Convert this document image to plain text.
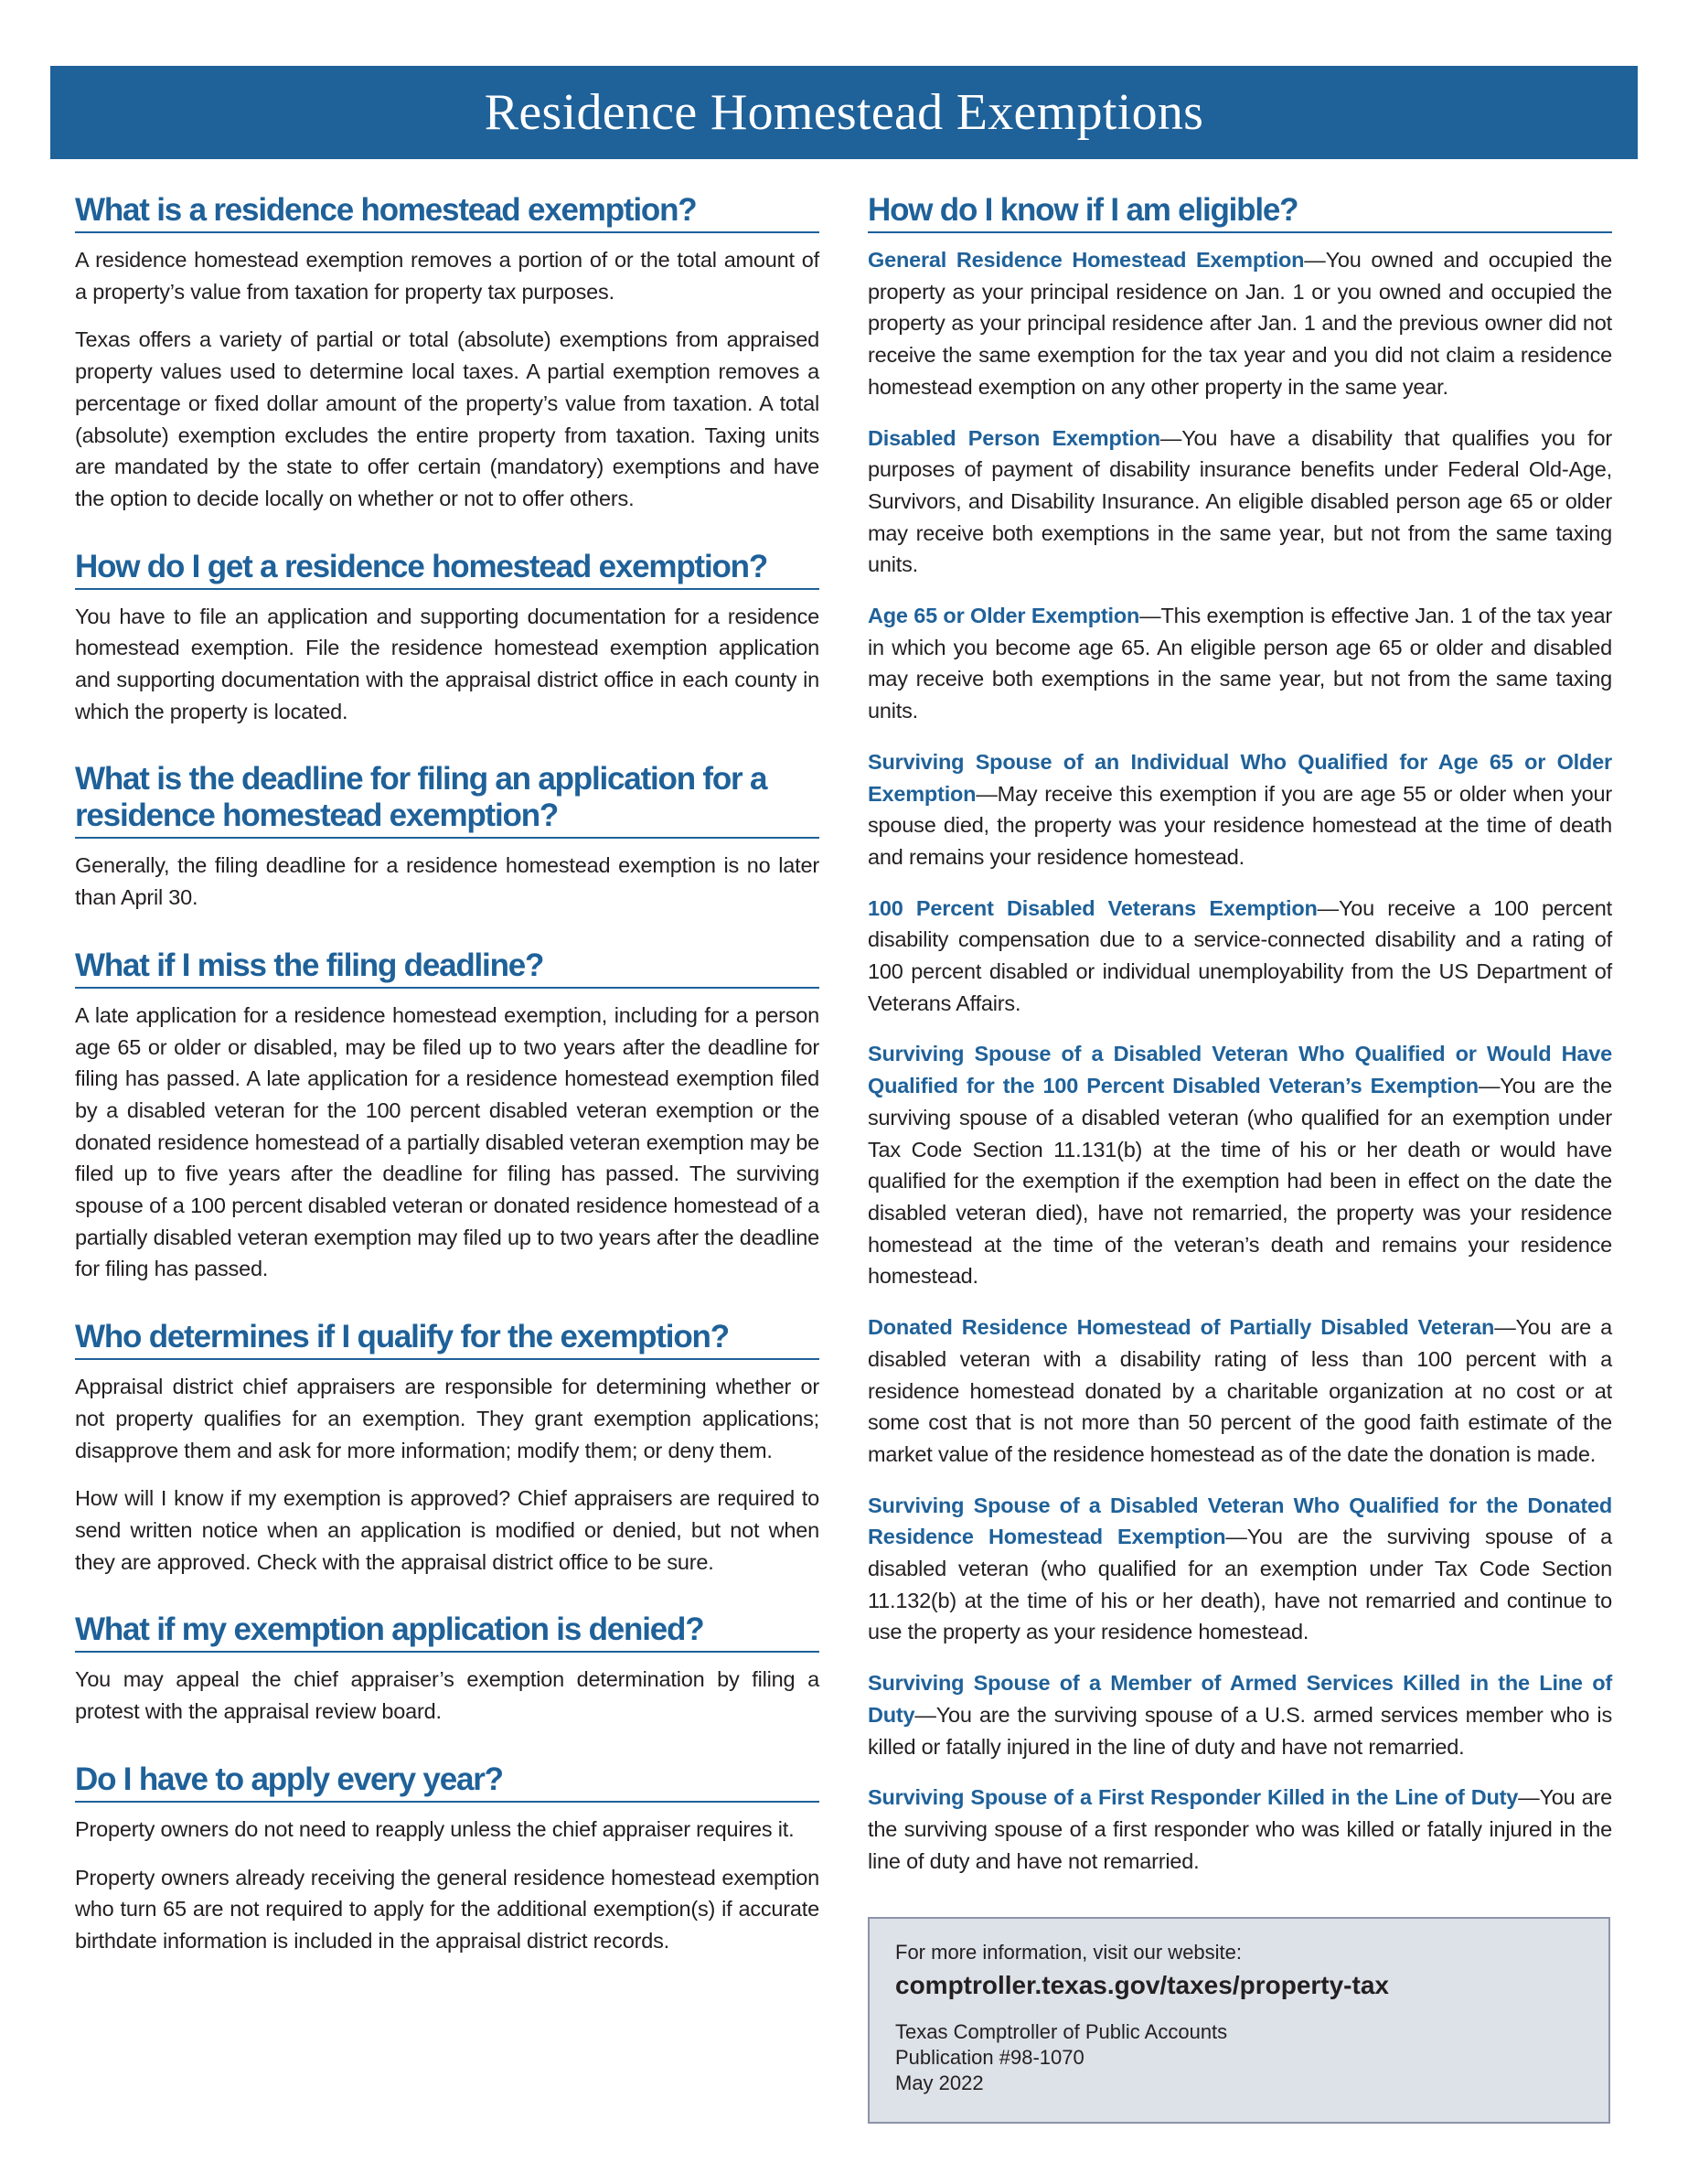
Residence Homestead Exemptions
What is a residence homestead exemption?

A residence homestead exemption removes a portion of or the total amount of a property’s value from taxation for property tax purposes.

Texas offers a variety of partial or total (absolute) exemptions from appraised property values used to determine local taxes. A partial exemption removes a percentage or fixed dollar amount of the property’s value from taxation. A total (absolute) exemption excludes the entire property from taxation. Taxing units are mandated by the state to offer certain (mandatory) exemptions and have the option to decide locally on whether or not to offer others.

How do I get a residence homestead exemption?

You have to file an application and supporting documentation for a residence homestead exemption. File the residence homestead exemption application and supporting documentation with the appraisal district office in each county in which the property is located.

What is the deadline for filing an application for a residence homestead exemption?

Generally, the filing deadline for a residence homestead exemption is no later than April 30.

What if I miss the filing deadline?

A late application for a residence homestead exemption, including for a person age 65 or older or disabled, may be filed up to two years after the deadline for filing has passed. A late application for a residence homestead exemption filed by a disabled veteran for the 100 percent disabled veteran exemption or the donated residence homestead of a partially disabled veteran exemption may be filed up to five years after the deadline for filing has passed. The surviving spouse of a 100 percent disabled veteran or donated residence homestead of a partially disabled veteran exemption may filed up to two years after the deadline for filing has passed.

Who determines if I qualify for the exemption?

Appraisal district chief appraisers are responsible for determining whether or not property qualifies for an exemption. They grant exemption applications; disapprove them and ask for more information; modify them; or deny them.

How will I know if my exemption is approved? Chief appraisers are required to send written notice when an application is modified or denied, but not when they are approved. Check with the appraisal district office to be sure.

What if my exemption application is denied?

You may appeal the chief appraiser’s exemption determination by filing a protest with the appraisal review board.

Do I have to apply every year?

Property owners do not need to reapply unless the chief appraiser requires it.

Property owners already receiving the general residence homestead exemption who turn 65 are not required to apply for the additional exemption(s) if accurate birthdate information is included in the appraisal district records.

How do I know if I am eligible?

General Residence Homestead Exemption—You owned and occupied the property as your principal residence on Jan. 1 or you owned and occupied the property as your principal residence after Jan. 1 and the previous owner did not receive the same exemption for the tax year and you did not claim a residence homestead exemption on any other property in the same year.

Disabled Person Exemption—You have a disability that qualifies you for purposes of payment of disability insurance benefits under Federal Old-Age, Survivors, and Disability Insurance. An eligible disabled person age 65 or older may receive both exemptions in the same year, but not from the same taxing units.

Age 65 or Older Exemption—This exemption is effective Jan. 1 of the tax year in which you become age 65. An eligible person age 65 or older and disabled may receive both exemptions in the same year, but not from the same taxing units.

Surviving Spouse of an Individual Who Qualified for Age 65 or Older Exemption—May receive this exemption if you are age 55 or older when your spouse died, the property was your residence homestead at the time of death and remains your residence homestead.

100 Percent Disabled Veterans Exemption—You receive a 100 percent disability compensation due to a service-connected disability and a rating of 100 percent disabled or individual unemployability from the US Department of Veterans Affairs.

Surviving Spouse of a Disabled Veteran Who Qualified or Would Have Qualified for the 100 Percent Disabled Veteran’s Exemption—You are the surviving spouse of a disabled veteran (who qualified for an exemption under Tax Code Section 11.131(b) at the time of his or her death or would have qualified for the exemption if the exemption had been in effect on the date the disabled veteran died), have not remarried, the property was your residence homestead at the time of the veteran’s death and remains your residence homestead.

Donated Residence Homestead of Partially Disabled Veteran—You are a disabled veteran with a disability rating of less than 100 percent with a residence homestead donated by a charitable organization at no cost or at some cost that is not more than 50 percent of the good faith estimate of the market value of the residence homestead as of the date the donation is made.

Surviving Spouse of a Disabled Veteran Who Qualified for the Donated Residence Homestead Exemption—You are the surviving spouse of a disabled veteran (who qualified for an exemption under Tax Code Section 11.132(b) at the time of his or her death), have not remarried and continue to use the property as your residence homestead.

Surviving Spouse of a Member of Armed Services Killed in the Line of Duty—You are the surviving spouse of a U.S. armed services member who is killed or fatally injured in the line of duty and have not remarried.

Surviving Spouse of a First Responder Killed in the Line of Duty—You are the surviving spouse of a first responder who was killed or fatally injured in the line of duty and have not remarried.

For more information, visit our website:
comptroller.texas.gov/taxes/property-tax
Texas Comptroller of Public Accounts
Publication #98-1070
May 2022
